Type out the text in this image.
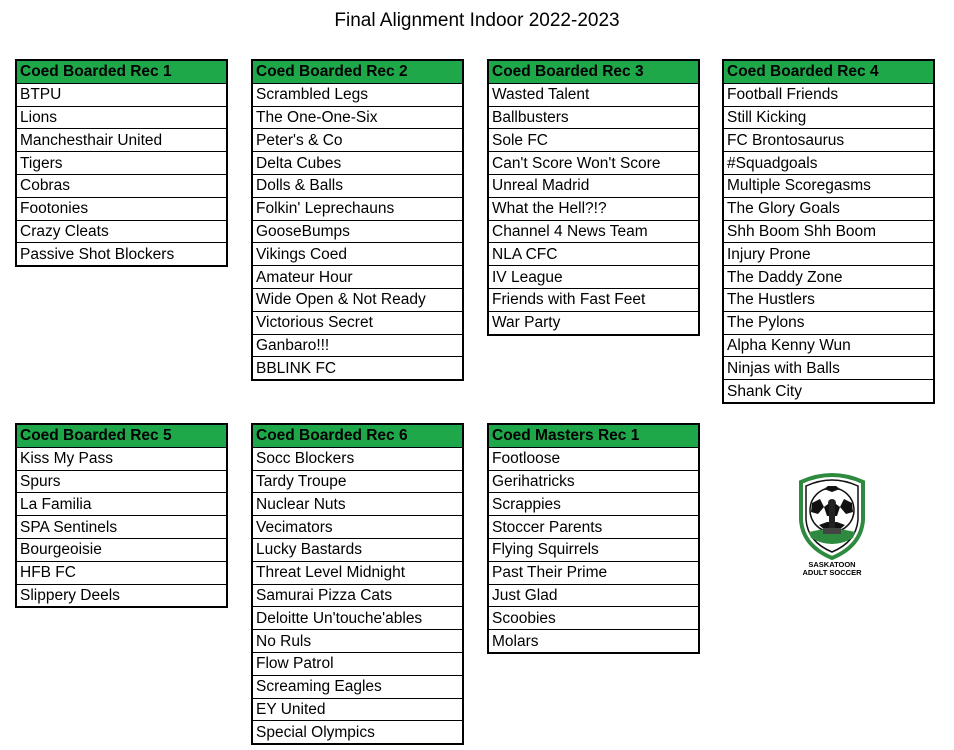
Final Alignment Indoor 2022-2023
Coed Boarded Rec 1
BTPU
Lions
Manchesthair United
Tigers
Cobras
Footonies
Crazy Cleats
Passive Shot Blockers
Coed Boarded Rec 2
Scrambled Legs
The One-One-Six
Peter's & Co
Delta Cubes
Dolls & Balls
Folkin' Leprechauns
GooseBumps
Vikings Coed
Amateur Hour
Wide Open & Not Ready
Victorious Secret
Ganbaro!!!
BBLINK FC
Coed Boarded Rec 3
Wasted Talent
Ballbusters
Sole FC
Can't Score Won't Score
Unreal Madrid
What the Hell?!?
Channel 4 News Team
NLA CFC
IV League
Friends with Fast Feet
War Party
Coed Boarded Rec 4
Football Friends
Still Kicking
FC Brontosaurus
#Squadgoals
Multiple Scoregasms
The Glory Goals
Shh Boom Shh Boom
Injury Prone
The Daddy Zone
The Hustlers
The Pylons
Alpha Kenny Wun
Ninjas with Balls
Shank City
Coed Boarded Rec 5
Kiss My Pass
Spurs
La Familia
SPA Sentinels
Bourgeoisie
HFB FC
Slippery Deels
Coed Boarded Rec 6
Socc Blockers
Tardy Troupe
Nuclear Nuts
Vecimators
Lucky Bastards
Threat Level Midnight
Samurai Pizza Cats
Deloitte Un'touche'ables
No Ruls
Flow Patrol
Screaming Eagles
EY United
Special Olympics
Coed Masters Rec 1
Footloose
Gerihatricks
Scrappies
Stoccer Parents
Flying Squirrels
Past Their Prime
Just Glad
Scoobies
Molars
SASKATOON
ADULT SOCCER
